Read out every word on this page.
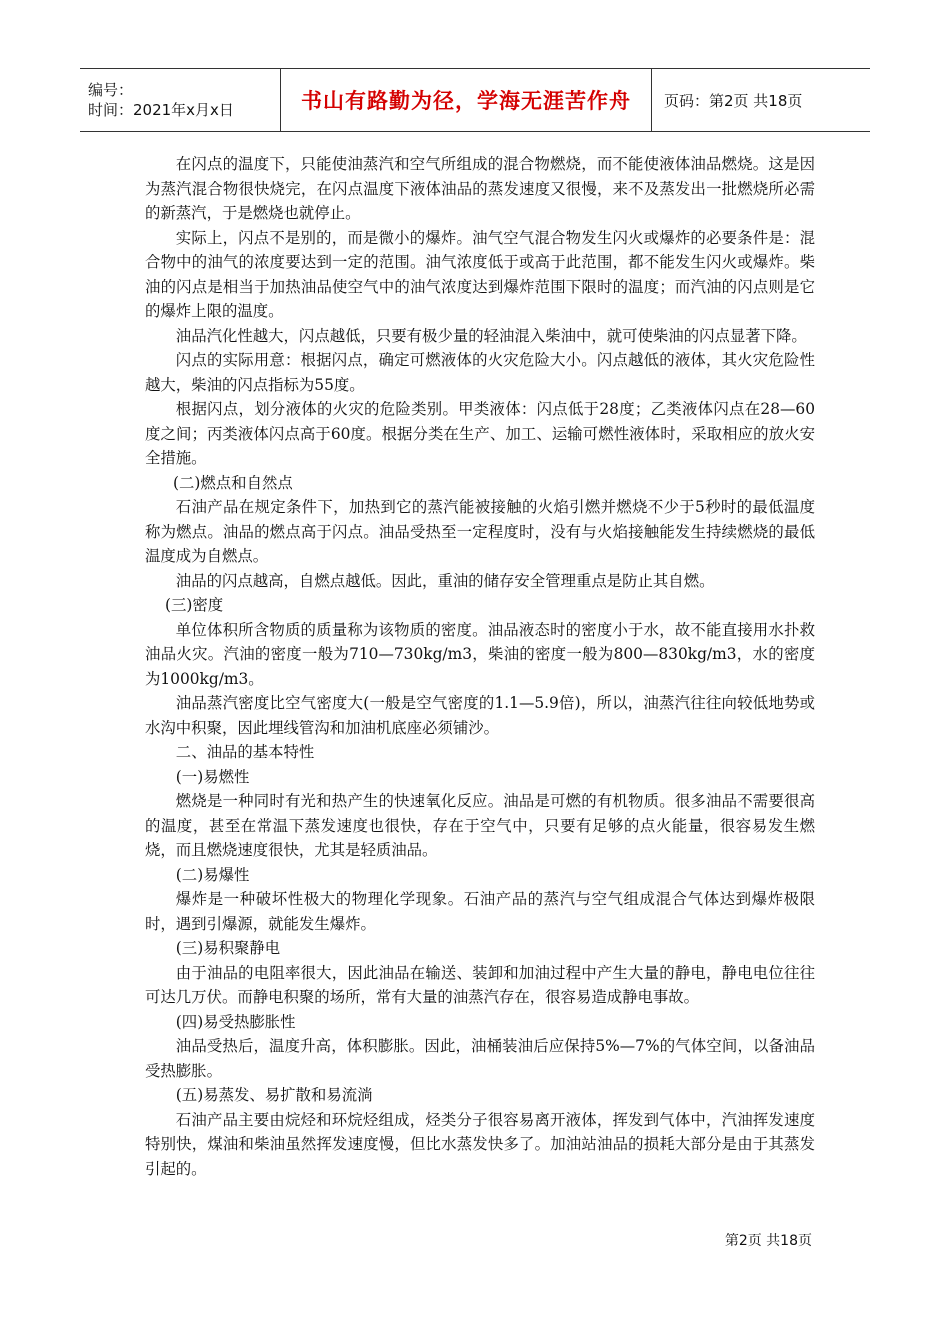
编号：
时间：2021年x月x日	书山有路勤为径，学海无涯苦作舟	页码：第2页 共18页

在闪点的温度下，只能使油蒸汽和空气所组成的混合物燃烧，而不能使液体油品燃烧。这是因为蒸汽混合物很快烧完，在闪点温度下液体油品的蒸发速度又很慢，来不及蒸发出一批燃烧所必需的新蒸汽，于是燃烧也就停止。

实际上，闪点不是别的，而是微小的爆炸。油气空气混合物发生闪火或爆炸的必要条件是：混合物中的油气的浓度要达到一定的范围。油气浓度低于或高于此范围，都不能发生闪火或爆炸。柴油的闪点是相当于加热油品使空气中的油气浓度达到爆炸范围下限时的温度；而汽油的闪点则是它的爆炸上限的温度。

油品汽化性越大，闪点越低，只要有极少量的轻油混入柴油中，就可使柴油的闪点显著下降。

闪点的实际用意：根据闪点，确定可燃液体的火灾危险大小。闪点越低的液体，其火灾危险性越大，柴油的闪点指标为55度。

根据闪点，划分液体的火灾的危险类别。甲类液体：闪点低于28度；乙类液体闪点在28—60度之间；丙类液体闪点高于60度。根据分类在生产、加工、运输可燃性液体时，采取相应的放火安全措施。

(二)燃点和自然点

石油产品在规定条件下，加热到它的蒸汽能被接触的火焰引燃并燃烧不少于5秒时的最低温度称为燃点。油品的燃点高于闪点。油品受热至一定程度时，没有与火焰接触能发生持续燃烧的最低温度成为自燃点。

油品的闪点越高，自燃点越低。因此，重油的储存安全管理重点是防止其自燃。

(三)密度

单位体积所含物质的质量称为该物质的密度。油品液态时的密度小于水，故不能直接用水扑救油品火灾。汽油的密度一般为710—730kg/m3，柴油的密度一般为800—830kg/m3，水的密度为1000kg/m3。

油品蒸汽密度比空气密度大(一般是空气密度的1.1—5.9倍)，所以，油蒸汽往往向较低地势或水沟中积聚，因此埋线管沟和加油机底座必须铺沙。

二、油品的基本特性

(一)易燃性

燃烧是一种同时有光和热产生的快速氧化反应。油品是可燃的有机物质。很多油品不需要很高的温度，甚至在常温下蒸发速度也很快，存在于空气中，只要有足够的点火能量，很容易发生燃烧，而且燃烧速度很快，尤其是轻质油品。

(二)易爆性

爆炸是一种破坏性极大的物理化学现象。石油产品的蒸汽与空气组成混合气体达到爆炸极限时，遇到引爆源，就能发生爆炸。

(三)易积聚静电

由于油品的电阻率很大，因此油品在输送、装卸和加油过程中产生大量的静电，静电电位往往可达几万伏。而静电积聚的场所，常有大量的油蒸汽存在，很容易造成静电事故。

(四)易受热膨胀性

油品受热后，温度升高，体积膨胀。因此，油桶装油后应保持5%—7%的气体空间，以备油品受热膨胀。

(五)易蒸发、易扩散和易流淌

石油产品主要由烷烃和环烷烃组成，烃类分子很容易离开液体，挥发到气体中，汽油挥发速度特别快，煤油和柴油虽然挥发速度慢，但比水蒸发快多了。加油站油品的损耗大部分是由于其蒸发引起的。

第2页 共18页
